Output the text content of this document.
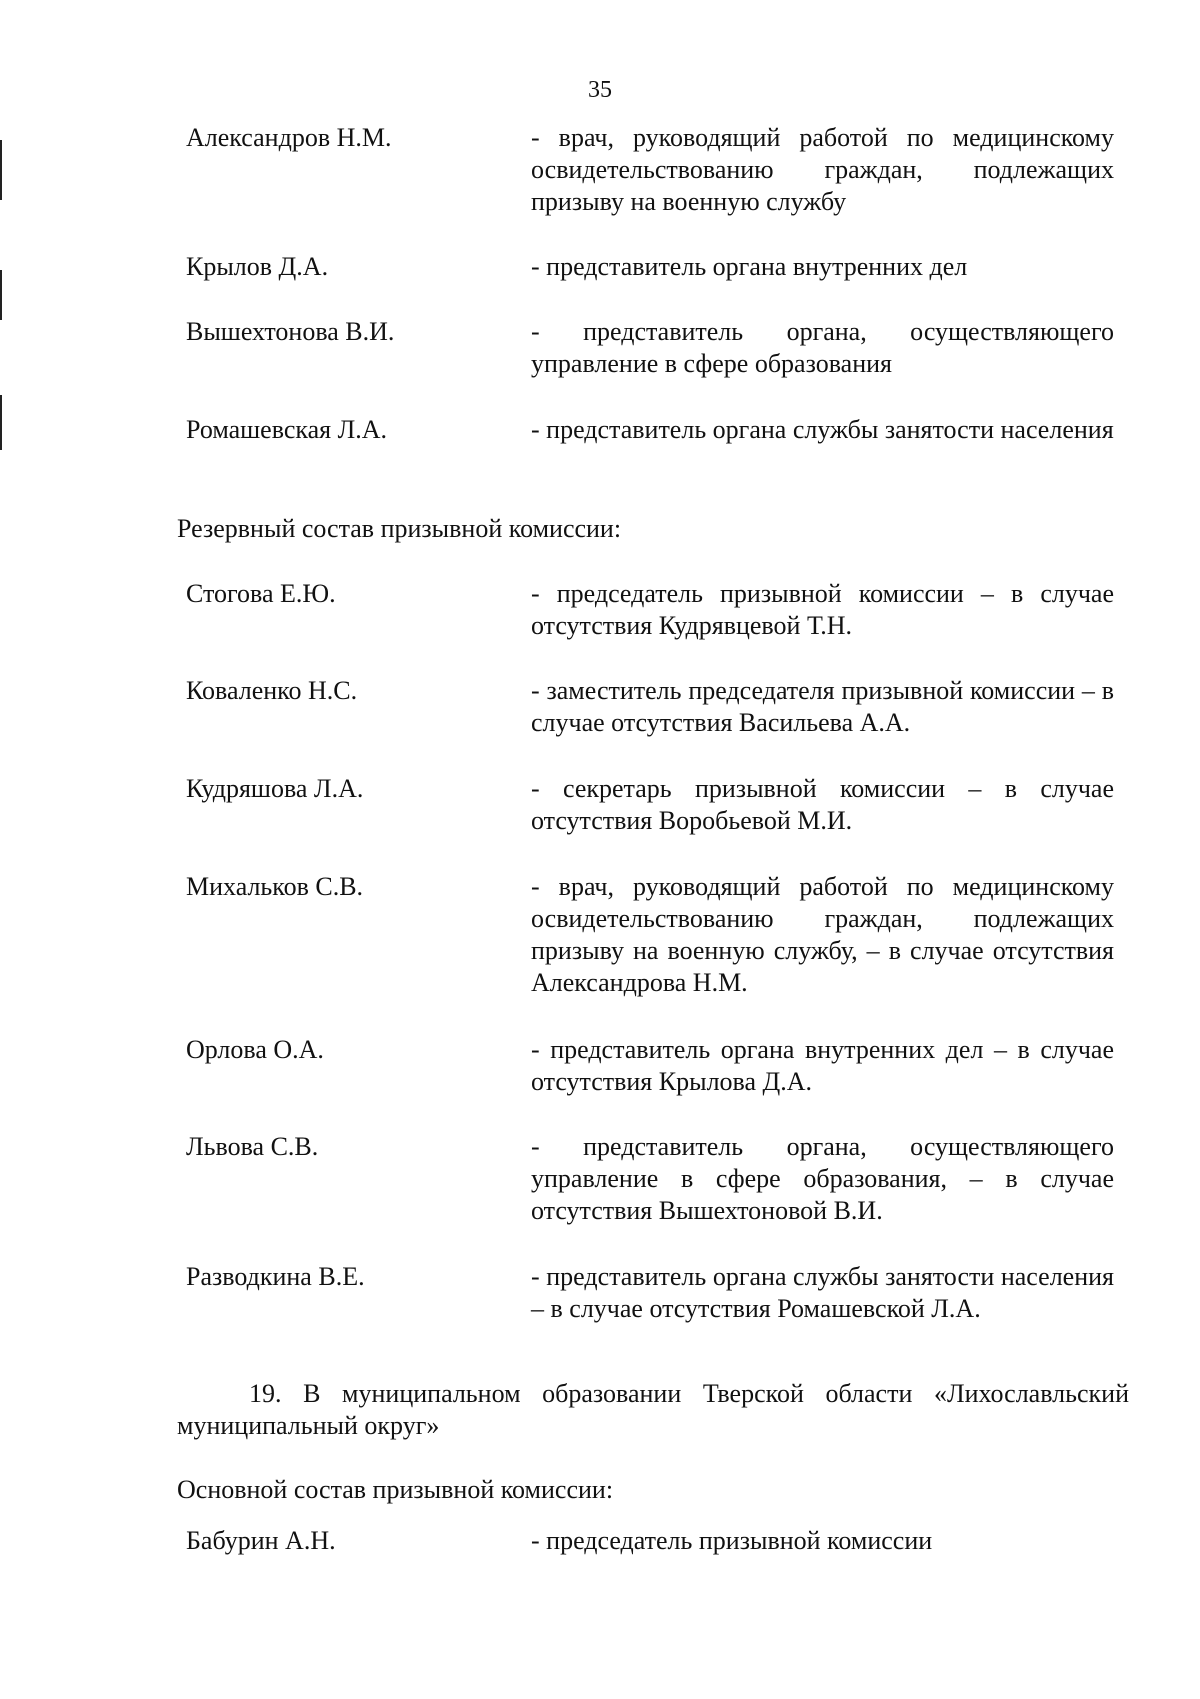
35
Александров Н.М.	- врач, руководящий работой по медицинскому освидетельствованию граждан, подлежащих призыву на военную службу
Крылов Д.А.	- представитель органа внутренних дел
Вышехтонова В.И.	- представитель органа, осуществляющего управление в сфере образования
Ромашевская Л.А.	- представитель органа службы занятости населения
Резервный состав призывной комиссии:
Стогова Е.Ю.	- председатель призывной комиссии – в случае отсутствия Кудрявцевой Т.Н.
Коваленко Н.С.	- заместитель председателя призывной комиссии – в случае отсутствия Васильева А.А.
Кудряшова Л.А.	- секретарь призывной комиссии – в случае отсутствия Воробьевой М.И.
Михальков С.В.	- врач, руководящий работой по медицинскому освидетельствованию граждан, подлежащих призыву на военную службу, – в случае отсутствия Александрова Н.М.
Орлова О.А.	- представитель органа внутренних дел – в случае отсутствия Крылова Д.А.
Львова С.В.	- представитель органа, осуществляющего управление в сфере образования, – в случае отсутствия Вышехтоновой В.И.
Разводкина В.Е.	- представитель органа службы занятости населения – в случае отсутствия Ромашевской Л.А.
19. В муниципальном образовании Тверской области «Лихославльский муниципальный округ»
Основной состав призывной комиссии:
Бабурин А.Н.	- председатель призывной комиссии
